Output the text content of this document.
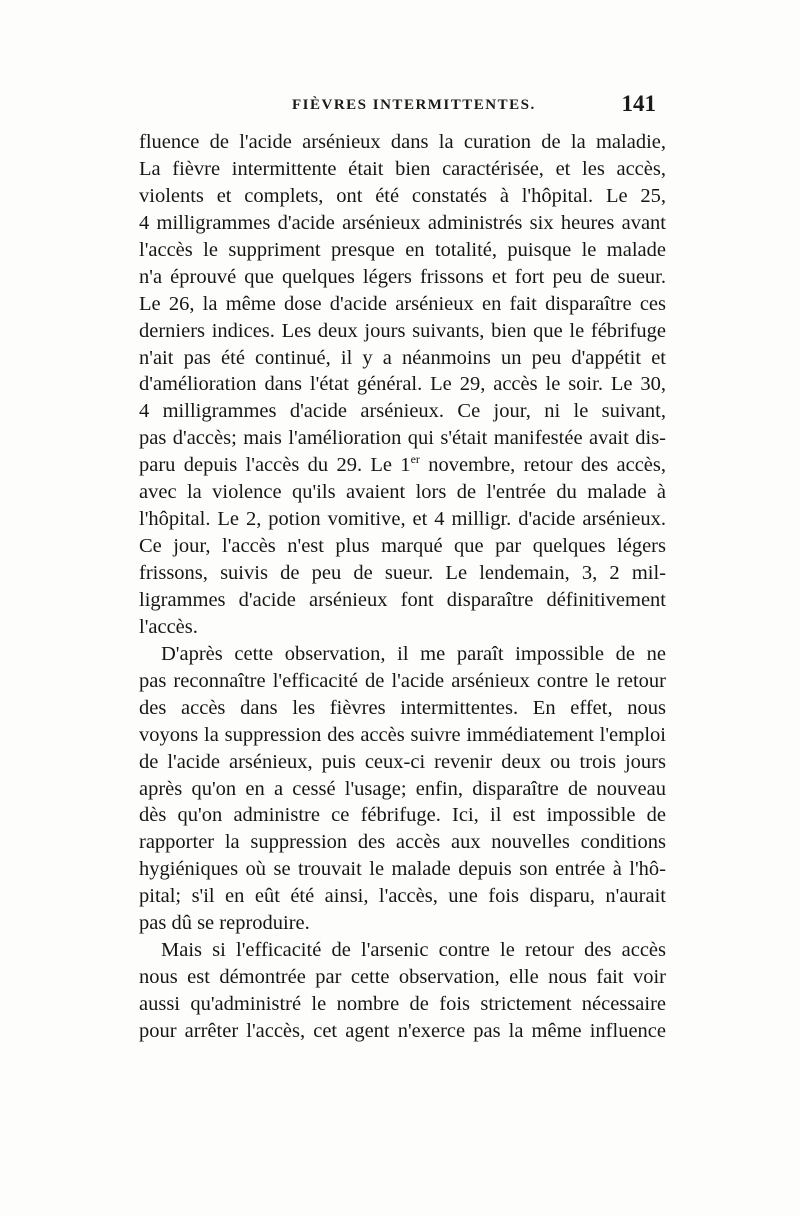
FIÈVRES INTERMITTENTES.	141
fluence de l'acide arsénieux dans la curation de la maladie,
La fièvre intermittente était bien caractérisée, et les accès,
violents et complets, ont été constatés à l'hôpital. Le 25,
4 milligrammes d'acide arsénieux administrés six heures avant
l'accès le suppriment presque en totalité, puisque le malade
n'a éprouvé que quelques légers frissons et fort peu de sueur.
Le 26, la même dose d'acide arsénieux en fait disparaître ces
derniers indices. Les deux jours suivants, bien que le fébrifuge
n'ait pas été continué, il y a néanmoins un peu d'appétit et
d'amélioration dans l'état général. Le 29, accès le soir. Le 30,
4 milligrammes d'acide arsénieux. Ce jour, ni le suivant,
pas d'accès; mais l'amélioration qui s'était manifestée avait dis-
paru depuis l'accès du 29. Le 1er novembre, retour des accès,
avec la violence qu'ils avaient lors de l'entrée du malade à
l'hôpital. Le 2, potion vomitive, et 4 milligr. d'acide arsénieux.
Ce jour, l'accès n'est plus marqué que par quelques légers
frissons, suivis de peu de sueur. Le lendemain, 3, 2 mil-
ligrammes d'acide arsénieux font disparaître définitivement
l'accès.
D'après cette observation, il me paraît impossible de ne
pas reconnaître l'efficacité de l'acide arsénieux contre le retour
des accès dans les fièvres intermittentes. En effet, nous
voyons la suppression des accès suivre immédiatement l'emploi
de l'acide arsénieux, puis ceux-ci revenir deux ou trois jours
après qu'on en a cessé l'usage; enfin, disparaître de nouveau
dès qu'on administre ce fébrifuge. Ici, il est impossible de
rapporter la suppression des accès aux nouvelles conditions
hygiéniques où se trouvait le malade depuis son entrée à l'hô-
pital; s'il en eût été ainsi, l'accès, une fois disparu, n'aurait
pas dû se reproduire.
Mais si l'efficacité de l'arsenic contre le retour des accès
nous est démontrée par cette observation, elle nous fait voir
aussi qu'administré le nombre de fois strictement nécessaire
pour arrêter l'accès, cet agent n'exerce pas la même influence
